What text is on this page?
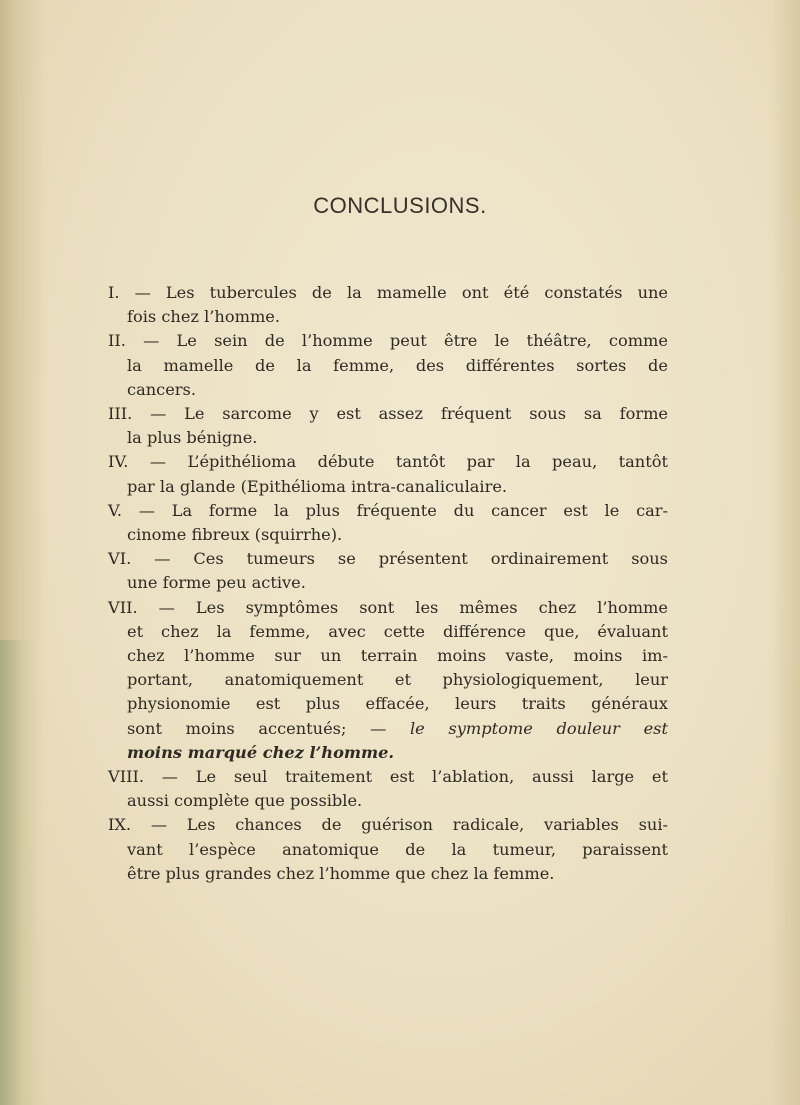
CONCLUSIONS.
I. — Les tubercules de la mamelle ont été constatés une
fois chez l’homme.
II. — Le sein de l’homme peut être le théâtre, comme
la mamelle de la femme, des différentes sortes de
cancers.
III. — Le sarcome y est assez fréquent sous sa forme
la plus bénigne.
IV. — L’épithélioma débute tantôt par la peau, tantôt
par la glande (Epithélioma intra-canaliculaire.
V. — La forme la plus fréquente du cancer est le car-
cinome fibreux (squirrhe).
VI. — Ces tumeurs se présentent ordinairement sous
une forme peu active.
VII. — Les symptômes sont les mêmes chez l’homme
et chez la femme, avec cette différence que, évaluant
chez l’homme sur un terrain moins vaste, moins im-
portant, anatomiquement et physiologiquement, leur
physionomie est plus effacée, leurs traits généraux
sont moins accentués; — le symptome douleur est
moins marqué chez l’homme.
VIII. — Le seul traitement est l’ablation, aussi large et
aussi complète que possible.
IX. — Les chances de guérison radicale, variables sui-
vant l’espèce anatomique de la tumeur, paraissent
être plus grandes chez l’homme que chez la femme.
